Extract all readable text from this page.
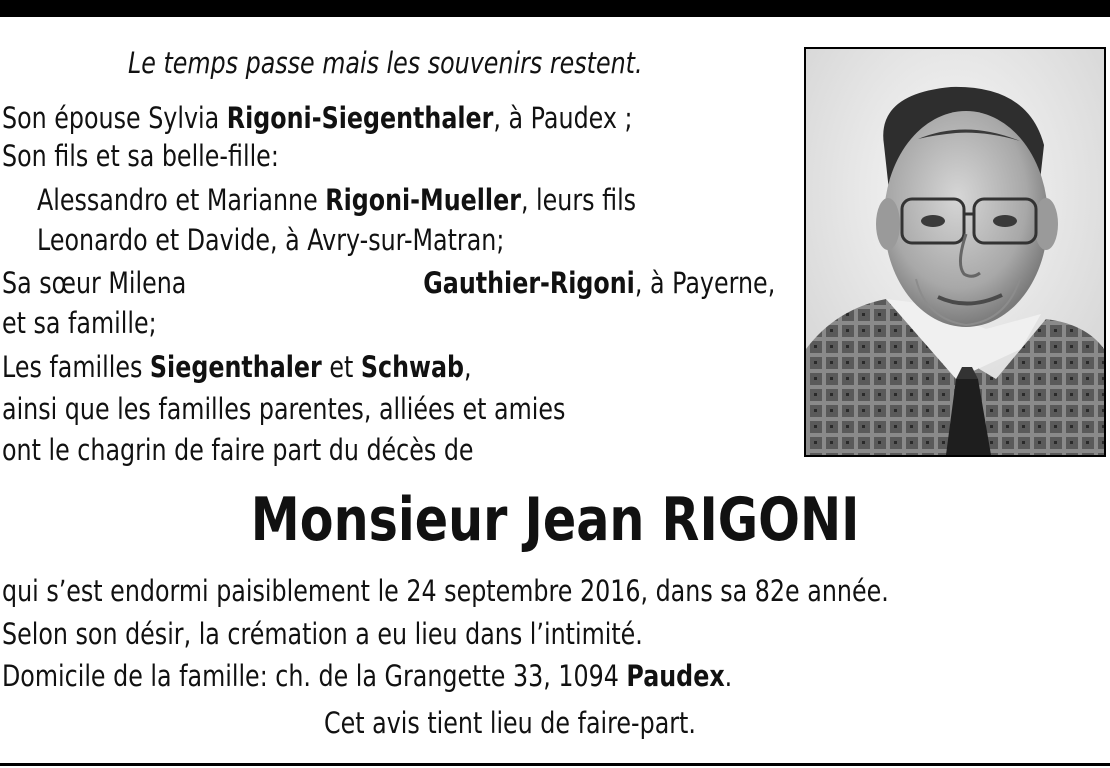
Le temps passe mais les souvenirs restent.
Son épouse Sylvia Rigoni-Siegenthaler, à Paudex ;
Son fils et sa belle-fille:
Alessandro et Marianne Rigoni-Mueller, leurs fils
Leonardo et Davide, à Avry-sur-Matran;
Sa sœur Milena	Gauthier-Rigoni, à Payerne,
et sa famille;
Les familles Siegenthaler et Schwab,
ainsi que les familles parentes, alliées et amies
ont le chagrin de faire part du décès de
Monsieur Jean RIGONI
qui s’est endormi paisiblement le 24 septembre 2016, dans sa 82e année.
Selon son désir, la crémation a eu lieu dans l’intimité.
Domicile de la famille: ch. de la Grangette 33, 1094 Paudex.
Cet avis tient lieu de faire-part.
